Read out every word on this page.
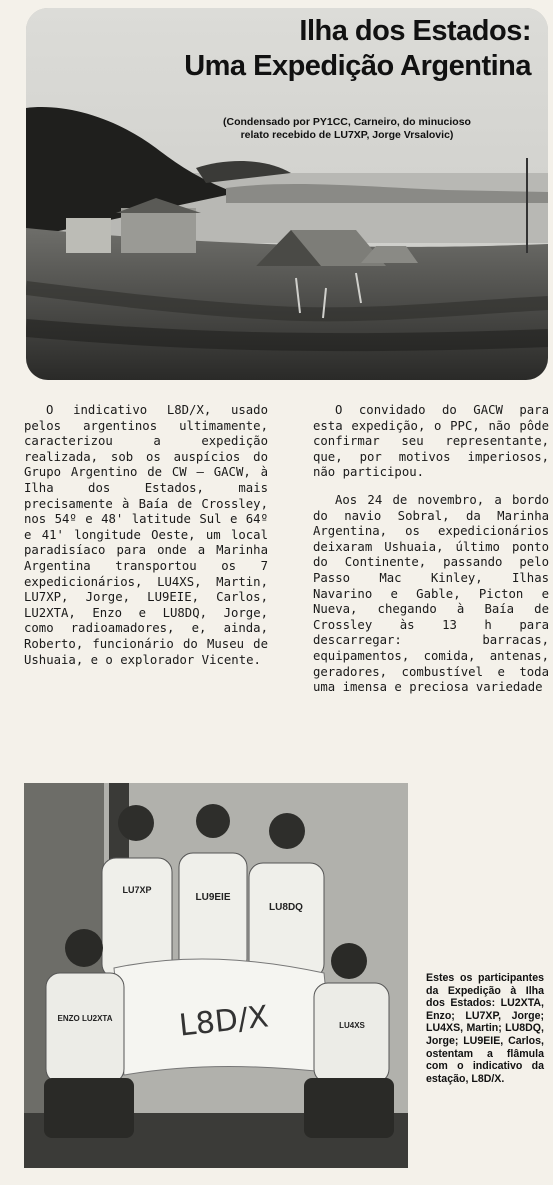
Ilha dos Estados:
Uma Expedição Argentina
(Condensado por PY1CC, Carneiro, do minucioso
relato recebido de LU7XP, Jorge Vrsalovic)

O indicativo L8D/X, usado pelos argentinos ultimamente, caracterizou a expedição realizada, sob os auspícios do Grupo Argentino de CW — GACW, à Ilha dos Estados, mais precisamente à Baía de Crossley, nos 54º e 48' latitude Sul e 64º e 41' longitude Oeste, um local paradisíaco para onde a Marinha Argentina transportou os 7 expedicionários, LU4XS, Martin, LU7XP, Jorge, LU9EIE, Carlos, LU2XTA, Enzo e LU8DQ, Jorge, como radioamadores, e, ainda, Roberto, funcionário do Museu de Ushuaia, e o explorador Vicente.

O convidado do GACW para esta expedição, o PPC, não pôde confirmar seu representante, que, por motivos imperiosos, não participou.

Aos 24 de novembro, a bordo do navio Sobral, da Marinha Argentina, os expedicionários deixaram Ushuaia, último ponto do Continente, passando pelo Passo Mac Kinley, Ilhas Navarino e Gable, Picton e Nueva, chegando à Baía de Crossley às 13 h para descarregar: barracas, equipamentos, comida, antenas, geradores, combustível e toda uma imensa e preciosa variedade

LU7XP
LU9EIE
LU8DQ
ENZO LU2XTA
LU4XS
L8D/X
Estes os participantes da Expedição à Ilha dos Estados: LU2XTA, Enzo; LU7XP, Jorge; LU4XS, Martin; LU8DQ, Jorge; LU9EIE, Carlos, ostentam a flâmula com o indicativo da estação, L8D/X.
